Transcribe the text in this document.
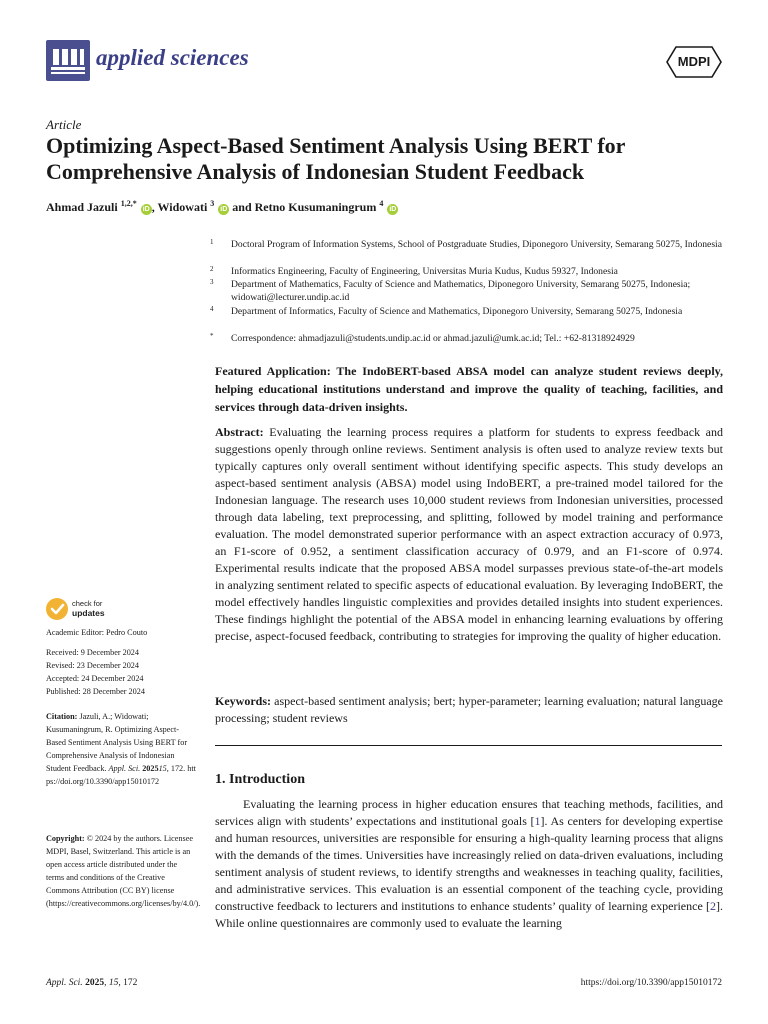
applied sciences	MDPI
Article
Optimizing Aspect-Based Sentiment Analysis Using BERT for Comprehensive Analysis of Indonesian Student Feedback
Ahmad Jazuli $^{1,2,*}$ iD , Widowati $^3$ iD and Retno Kusumaningrum $^4$ iD
1	Doctoral Program of Information Systems, School of Postgraduate Studies, Diponegoro University, Semarang 50275, Indonesia
2	Informatics Engineering, Faculty of Engineering, Universitas Muria Kudus, Kudus 59327, Indonesia
3	Department of Mathematics, Faculty of Science and Mathematics, Diponegoro University, Semarang 50275, Indonesia; widowati@lecturer.undip.ac.id
4	Department of Informatics, Faculty of Science and Mathematics, Diponegoro University, Semarang 50275, Indonesia
*	Correspondence: ahmadjazuli@students.undip.ac.id or ahmad.jazuli@umk.ac.id; Tel.: +62-81318924929
Featured Application: The IndoBERT-based ABSA model can analyze student reviews deeply, helping educational institutions understand and improve the quality of teaching, facilities, and services through data-driven insights.
Abstract: Evaluating the learning process requires a platform for students to express feedback and suggestions openly through online reviews. Sentiment analysis is often used to analyze review texts but typically captures only overall sentiment without identifying specific aspects. This study develops an aspect-based sentiment analysis (ABSA) model using IndoBERT, a pre-trained model tailored for the Indonesian language. The research uses 10,000 student reviews from Indonesian universities, processed through data labeling, text preprocessing, and splitting, followed by model training and performance evaluation. The model demonstrated superior performance with an aspect extraction accuracy of 0.973, an F1-score of 0.952, a sentiment classification accuracy of 0.979, and an F1-score of 0.974. Experimental results indicate that the proposed ABSA model surpasses previous state-of-the-art models in analyzing sentiment related to specific aspects of educational evaluation. By leveraging IndoBERT, the model effectively handles linguistic complexities and provides detailed insights into student experiences. These findings highlight the potential of the ABSA model in enhancing learning evaluations by offering precise, aspect-focused feedback, contributing to strategies for improving the quality of higher education.
Keywords: aspect-based sentiment analysis; bert; hyper-parameter; learning evaluation; natural language processing; student reviews
1. Introduction
Evaluating the learning process in higher education ensures that teaching methods, facilities, and services align with students’ expectations and institutional goals [1]. As centers for developing expertise and human resources, universities are responsible for ensuring a high-quality learning process that aligns with the demands of the times. Universities have increasingly relied on data-driven evaluations, including sentiment analysis of student reviews, to identify strengths and weaknesses in teaching quality, facilities, and administrative services. This evaluation is an essential component of the teaching cycle, providing constructive feedback to lecturers and institutions to enhance students’ quality of learning experience [2]. While online questionnaires are commonly used to evaluate the learning
check for
updates
Academic Editor: Pedro Couto
Received: 9 December 2024
Revised: 23 December 2024
Accepted: 24 December 2024
Published: 28 December 2024
Citation: Jazuli, A.; Widowati; Kusumaningrum, R. Optimizing Aspect-Based Sentiment Analysis Using BERT for Comprehensive Analysis of Indonesian Student Feedback. Appl. Sci. 202515, 172. https://doi.org/10.3390/app15010172
Copyright: © 2024 by the authors. Licensee MDPI, Basel, Switzerland. This article is an open access article distributed under the terms and conditions of the Creative Commons Attribution (CC BY) license (https://creativecommons.org/licenses/by/4.0/).
Appl. Sci. 2025, 15, 172	https://doi.org/10.3390/app15010172
